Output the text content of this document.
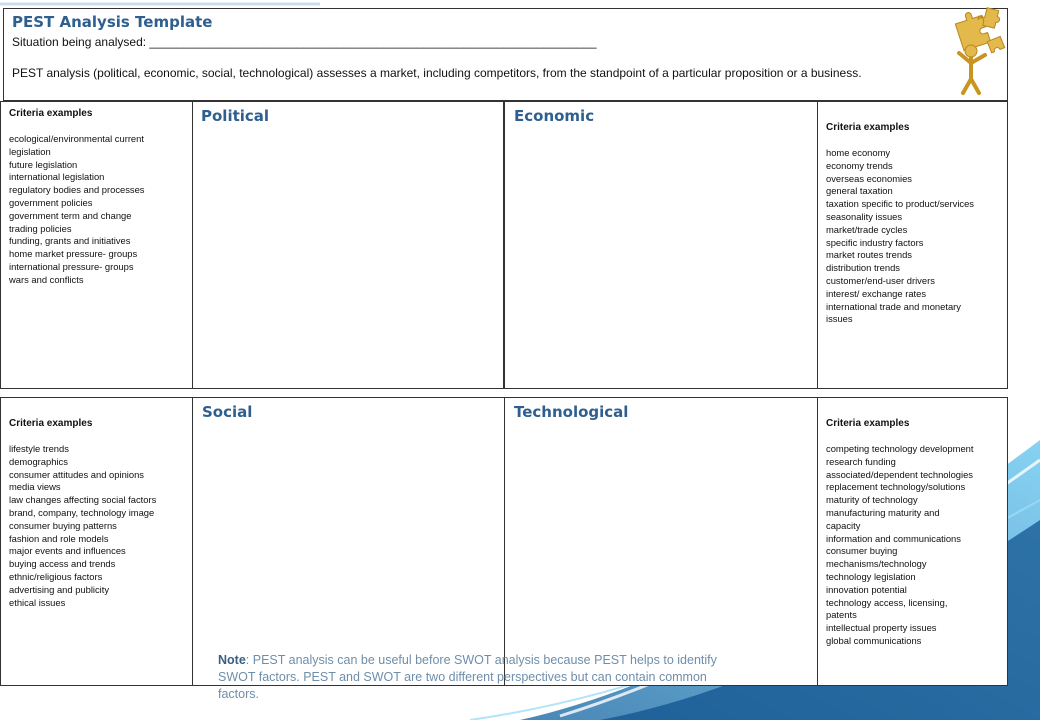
PEST Analysis Template
Situation being analysed: ___________________________________________________________________
PEST analysis (political, economic, social, technological) assesses a market, including competitors, from the standpoint of a particular proposition or a business.
Criteria examples
ecological/environmental current
legislation
future legislation
international legislation
regulatory bodies and processes
government policies
government term and change
trading policies
funding, grants and initiatives
home market pressure- groups
international pressure- groups
wars and conflicts
Political	Economic
Criteria examples
home economy
economy trends
overseas economies
general taxation
taxation specific to product/services
seasonality issues
market/trade cycles
specific industry factors
market routes trends
distribution trends
customer/end-user drivers
interest/ exchange rates
international trade and monetary
issues
Criteria examples
lifestyle trends
demographics
consumer attitudes and opinions
media views
law changes affecting social factors
brand, company, technology image
consumer buying patterns
fashion and role models
major events and influences
buying access and trends
ethnic/religious factors
advertising and publicity
ethical issues
Social	Technological
Criteria examples
competing technology development
research funding
associated/dependent technologies
replacement technology/solutions
maturity of technology
manufacturing maturity and
capacity
information and communications
consumer buying
mechanisms/technology
technology legislation
innovation potential
technology access, licensing,
patents
intellectual property issues
global communications
Note: PEST analysis can be useful before SWOT analysis because PEST helps to identify SWOT factors. PEST and SWOT are two different perspectives but can contain common factors.
